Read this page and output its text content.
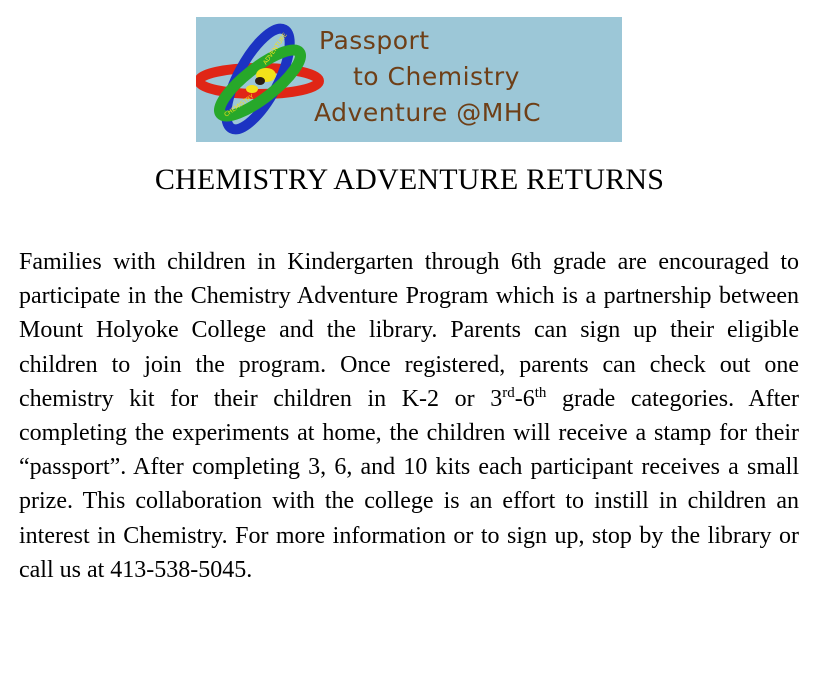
CHEMISTRY
ADVENTURE Passport
to Chemistry
Adventure @MHC
CHEMISTRY ADVENTURE RETURNS

Families with children in Kindergarten through 6th grade are encouraged to participate in the Chemistry Adventure Program which is a partnership between Mount Holyoke College and the library. Parents can sign up their eligible children to join the program. Once registered, parents can check out one chemistry kit for their children in K-2 or 3rd-6th grade categories. After completing the experiments at home, the children will receive a stamp for their “passport”. After completing 3, 6, and 10 kits each participant receives a small prize. This collaboration with the college is an effort to instill in children an interest in Chemistry. For more information or to sign up, stop by the library or call us at 413-538-5045.
